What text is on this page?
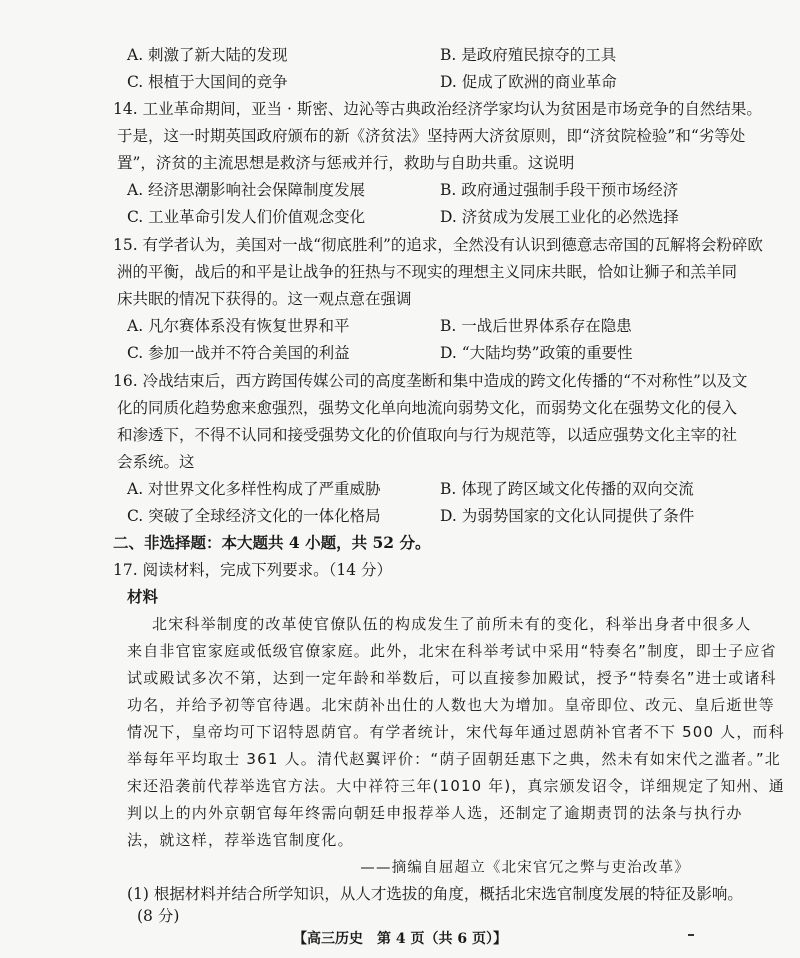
A. 刺激了新大陆的发现	B. 是政府殖民掠夺的工具
C. 根植于大国间的竞争	D. 促成了欧洲的商业革命
14. 工业革命期间，亚当 · 斯密、边沁等古典政治经济学家均认为贫困是市场竞争的自然结果。
于是，这一时期英国政府颁布的新《济贫法》坚持两大济贫原则，即“济贫院检验”和“劣等处
置”，济贫的主流思想是救济与惩戒并行，救助与自助共重。这说明
A. 经济思潮影响社会保障制度发展	B. 政府通过强制手段干预市场经济
C. 工业革命引发人们价值观念变化	D. 济贫成为发展工业化的必然选择
15. 有学者认为，美国对一战“彻底胜利”的追求，全然没有认识到德意志帝国的瓦解将会粉碎欧
洲的平衡，战后的和平是让战争的狂热与不现实的理想主义同床共眠，恰如让狮子和羔羊同
床共眠的情况下获得的。这一观点意在强调
A. 凡尔赛体系没有恢复世界和平	B. 一战后世界体系存在隐患
C. 参加一战并不符合美国的利益	D. “大陆均势”政策的重要性
16. 冷战结束后，西方跨国传媒公司的高度垄断和集中造成的跨文化传播的“不对称性”以及文
化的同质化趋势愈来愈强烈，强势文化单向地流向弱势文化，而弱势文化在强势文化的侵入
和渗透下，不得不认同和接受强势文化的价值取向与行为规范等，以适应强势文化主宰的社
会系统。这
A. 对世界文化多样性构成了严重威胁	B. 体现了跨区域文化传播的双向交流
C. 突破了全球经济文化的一体化格局	D. 为弱势国家的文化认同提供了条件
二、非选择题：本大题共 4 小题，共 52 分。
17. 阅读材料，完成下列要求。（14 分）
材料
北宋科举制度的改革使官僚队伍的构成发生了前所未有的变化，科举出身者中很多人
来自非官宦家庭或低级官僚家庭。此外，北宋在科举考试中采用“特奏名”制度，即士子应省
试或殿试多次不第，达到一定年龄和举数后，可以直接参加殿试，授予“特奏名”进士或诸科
功名，并给予初等官待遇。北宋荫补出仕的人数也大为增加。皇帝即位、改元、皇后逝世等
情况下，皇帝均可下诏特恩荫官。有学者统计，宋代每年通过恩荫补官者不下 500 人，而科
举每年平均取士 361 人。清代赵翼评价：“荫子固朝廷惠下之典，然未有如宋代之滥者。”北
宋还沿袭前代荐举选官方法。大中祥符三年(1010 年)，真宗颁发诏令，详细规定了知州、通
判以上的内外京朝官每年终需向朝廷申报荐举人选，还制定了逾期责罚的法条与执行办
法，就这样，荐举选官制度化。
——摘编自屈超立《北宋官冗之弊与吏治改革》
(1) 根据材料并结合所学知识，从人才选拔的角度，概括北宋选官制度发展的特征及影响。
(8 分)
【高三历史　第 4 页（共 6 页）】
